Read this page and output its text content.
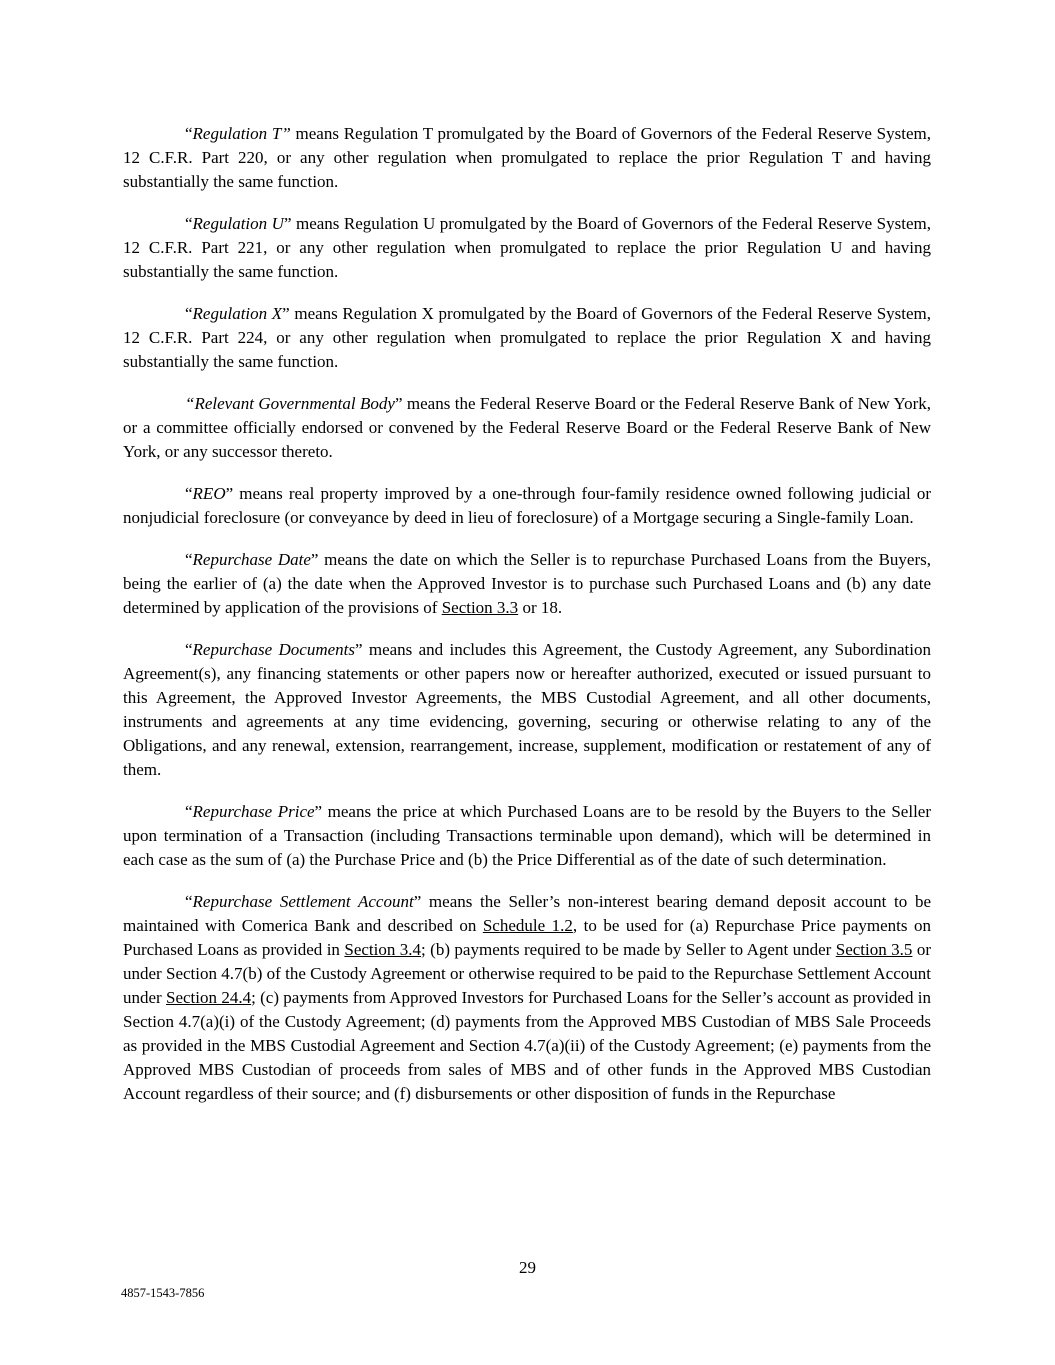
“Regulation T” means Regulation T promulgated by the Board of Governors of the Federal Reserve System, 12 C.F.R. Part 220, or any other regulation when promulgated to replace the prior Regulation T and having substantially the same function.

“Regulation U” means Regulation U promulgated by the Board of Governors of the Federal Reserve System, 12 C.F.R. Part 221, or any other regulation when promulgated to replace the prior Regulation U and having substantially the same function.

“Regulation X” means Regulation X promulgated by the Board of Governors of the Federal Reserve System, 12 C.F.R. Part 224, or any other regulation when promulgated to replace the prior Regulation X and having substantially the same function.

“Relevant Governmental Body” means the Federal Reserve Board or the Federal Reserve Bank of New York, or a committee officially endorsed or convened by the Federal Reserve Board or the Federal Reserve Bank of New York, or any successor thereto.

“REO” means real property improved by a one-through four-family residence owned following judicial or nonjudicial foreclosure (or conveyance by deed in lieu of foreclosure) of a Mortgage securing a Single-family Loan.

“Repurchase Date” means the date on which the Seller is to repurchase Purchased Loans from the Buyers, being the earlier of (a) the date when the Approved Investor is to purchase such Purchased Loans and (b) any date determined by application of the provisions of Section 3.3 or 18.

“Repurchase Documents” means and includes this Agreement, the Custody Agreement, any Subordination Agreement(s), any financing statements or other papers now or hereafter authorized, executed or issued pursuant to this Agreement, the Approved Investor Agreements, the MBS Custodial Agreement, and all other documents, instruments and agreements at any time evidencing, governing, securing or otherwise relating to any of the Obligations, and any renewal, extension, rearrangement, increase, supplement, modification or restatement of any of them.

“Repurchase Price” means the price at which Purchased Loans are to be resold by the Buyers to the Seller upon termination of a Transaction (including Transactions terminable upon demand), which will be determined in each case as the sum of (a) the Purchase Price and (b) the Price Differential as of the date of such determination.

“Repurchase Settlement Account” means the Seller’s non-interest bearing demand deposit account to be maintained with Comerica Bank and described on Schedule 1.2, to be used for (a) Repurchase Price payments on Purchased Loans as provided in Section 3.4; (b) payments required to be made by Seller to Agent under Section 3.5 or under Section 4.7(b) of the Custody Agreement or otherwise required to be paid to the Repurchase Settlement Account under Section 24.4; (c) payments from Approved Investors for Purchased Loans for the Seller’s account as provided in Section 4.7(a)(i) of the Custody Agreement; (d) payments from the Approved MBS Custodian of MBS Sale Proceeds as provided in the MBS Custodial Agreement and Section 4.7(a)(ii) of the Custody Agreement; (e) payments from the Approved MBS Custodian of proceeds from sales of MBS and of other funds in the Approved MBS Custodian Account regardless of their source; and (f) disbursements or other disposition of funds in the Repurchase

29
4857-1543-7856
